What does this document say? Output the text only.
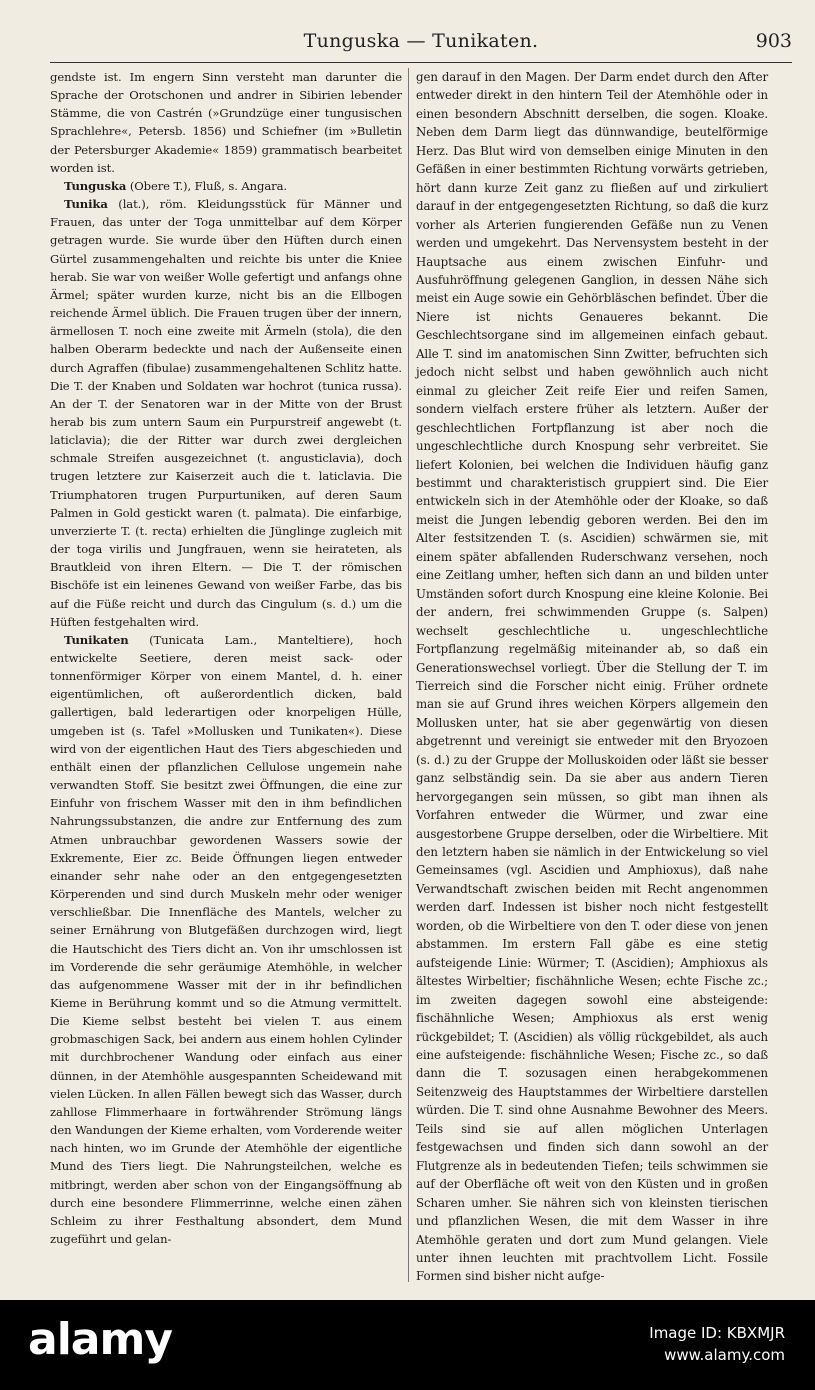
Tunguska — Tunikaten.	903

gendste ist. Im engern Sinn versteht man darunter die Sprache der Orotschonen und andrer in Sibirien lebender Stämme, die von Castrén (»Grundzüge einer tungusischen Sprachlehre«, Petersb. 1856) und Schiefner (im »Bulletin der Petersburger Akademie« 1859) grammatisch bearbeitet worden ist.

Tunguska (Obere T.), Fluß, s. Angara.

Tunika (lat.), röm. Kleidungsstück für Männer und Frauen, das unter der Toga unmittelbar auf dem Körper getragen wurde. Sie wurde über den Hüften durch einen Gürtel zusammengehalten und reichte bis unter die Kniee herab. Sie war von weißer Wolle gefertigt und anfangs ohne Ärmel; später wurden kurze, nicht bis an die Ellbogen reichende Ärmel üblich. Die Frauen trugen über der innern, ärmellosen T. noch eine zweite mit Ärmeln (stola), die den halben Oberarm bedeckte und nach der Außenseite einen durch Agraffen (fibulae) zusammengehaltenen Schlitz hatte. Die T. der Knaben und Soldaten war hochrot (tunica russa). An der T. der Senatoren war in der Mitte von der Brust herab bis zum untern Saum ein Purpurstreif angewebt (t. laticlavia); die der Ritter war durch zwei dergleichen schmale Streifen ausgezeichnet (t. angusticlavia), doch trugen letztere zur Kaiserzeit auch die t. laticlavia. Die Triumphatoren trugen Purpurtuniken, auf deren Saum Palmen in Gold gestickt waren (t. palmata). Die einfarbige, unverzierte T. (t. recta) erhielten die Jünglinge zugleich mit der toga virilis und Jungfrauen, wenn sie heirateten, als Brautkleid von ihren Eltern. — Die T. der römischen Bischöfe ist ein leinenes Gewand von weißer Farbe, das bis auf die Füße reicht und durch das Cingulum (s. d.) um die Hüften festgehalten wird.

Tunikaten (Tunicata Lam., Manteltiere), hoch entwickelte Seetiere, deren meist sack- oder tonnenförmiger Körper von einem Mantel, d. h. einer eigentümlichen, oft außerordentlich dicken, bald gallertigen, bald lederartigen oder knorpeligen Hülle, umgeben ist (s. Tafel »Mollusken und Tunikaten«). Diese wird von der eigentlichen Haut des Tiers abgeschieden und enthält einen der pflanzlichen Cellulose ungemein nahe verwandten Stoff. Sie besitzt zwei Öffnungen, die eine zur Einfuhr von frischem Wasser mit den in ihm befindlichen Nahrungssubstanzen, die andre zur Entfernung des zum Atmen unbrauchbar gewordenen Wassers sowie der Exkremente, Eier zc. Beide Öffnungen liegen entweder einander sehr nahe oder an den entgegengesetzten Körperenden und sind durch Muskeln mehr oder weniger verschließbar. Die Innenfläche des Mantels, welcher zu seiner Ernährung von Blutgefäßen durchzogen wird, liegt die Hautschicht des Tiers dicht an. Von ihr umschlossen ist im Vorderende die sehr geräumige Atemhöhle, in welcher das aufgenommene Wasser mit der in ihr befindlichen Kieme in Berührung kommt und so die Atmung vermittelt. Die Kieme selbst besteht bei vielen T. aus einem grobmaschigen Sack, bei andern aus einem hohlen Cylinder mit durchbrochener Wandung oder einfach aus einer dünnen, in der Atemhöhle ausgespannten Scheidewand mit vielen Lücken. In allen Fällen bewegt sich das Wasser, durch zahllose Flimmerhaare in fortwährender Strömung längs den Wandungen der Kieme erhalten, vom Vorderende weiter nach hinten, wo im Grunde der Atemhöhle der eigentliche Mund des Tiers liegt. Die Nahrungsteilchen, welche es mitbringt, werden aber schon von der Eingangsöffnung ab durch eine besondere Flimmerrinne, welche einen zähen Schleim zu ihrer Festhaltung absondert, dem Mund zugeführt und gelan-

gen darauf in den Magen. Der Darm endet durch den After entweder direkt in den hintern Teil der Atemhöhle oder in einen besondern Abschnitt derselben, die sogen. Kloake. Neben dem Darm liegt das dünnwandige, beutelförmige Herz. Das Blut wird von demselben einige Minuten in den Gefäßen in einer bestimmten Richtung vorwärts getrieben, hört dann kurze Zeit ganz zu fließen auf und zirkuliert darauf in der entgegengesetzten Richtung, so daß die kurz vorher als Arterien fungierenden Gefäße nun zu Venen werden und umgekehrt. Das Nervensystem besteht in der Hauptsache aus einem zwischen Einfuhr- und Ausfuhröffnung gelegenen Ganglion, in dessen Nähe sich meist ein Auge sowie ein Gehörbläschen befindet. Über die Niere ist nichts Genaueres bekannt. Die Geschlechtsorgane sind im allgemeinen einfach gebaut. Alle T. sind im anatomischen Sinn Zwitter, befruchten sich jedoch nicht selbst und haben gewöhnlich auch nicht einmal zu gleicher Zeit reife Eier und reifen Samen, sondern vielfach erstere früher als letztern. Außer der geschlechtlichen Fortpflanzung ist aber noch die ungeschlechtliche durch Knospung sehr verbreitet. Sie liefert Kolonien, bei welchen die Individuen häufig ganz bestimmt und charakteristisch gruppiert sind. Die Eier entwickeln sich in der Atemhöhle oder der Kloake, so daß meist die Jungen lebendig geboren werden. Bei den im Alter festsitzenden T. (s. Ascidien) schwärmen sie, mit einem später abfallenden Ruderschwanz versehen, noch eine Zeitlang umher, heften sich dann an und bilden unter Umständen sofort durch Knospung eine kleine Kolonie. Bei der andern, frei schwimmenden Gruppe (s. Salpen) wechselt geschlechtliche u. ungeschlechtliche Fortpflanzung regelmäßig miteinander ab, so daß ein Generationswechsel vorliegt. Über die Stellung der T. im Tierreich sind die Forscher nicht einig. Früher ordnete man sie auf Grund ihres weichen Körpers allgemein den Mollusken unter, hat sie aber gegenwärtig von diesen abgetrennt und vereinigt sie entweder mit den Bryozoen (s. d.) zu der Gruppe der Molluskoiden oder läßt sie besser ganz selbständig sein. Da sie aber aus andern Tieren hervorgegangen sein müssen, so gibt man ihnen als Vorfahren entweder die Würmer, und zwar eine ausgestorbene Gruppe derselben, oder die Wirbeltiere. Mit den letztern haben sie nämlich in der Entwickelung so viel Gemeinsames (vgl. Ascidien und Amphioxus), daß nahe Verwandtschaft zwischen beiden mit Recht angenommen werden darf. Indessen ist bisher noch nicht festgestellt worden, ob die Wirbeltiere von den T. oder diese von jenen abstammen. Im erstern Fall gäbe es eine stetig aufsteigende Linie: Würmer; T. (Ascidien); Amphioxus als ältestes Wirbeltier; fischähnliche Wesen; echte Fische zc.; im zweiten dagegen sowohl eine absteigende: fischähnliche Wesen; Amphioxus als erst wenig rückgebildet; T. (Ascidien) als völlig rückgebildet, als auch eine aufsteigende: fischähnliche Wesen; Fische zc., so daß dann die T. sozusagen einen herabgekommenen Seitenzweig des Hauptstammes der Wirbeltiere darstellen würden. Die T. sind ohne Ausnahme Bewohner des Meers. Teils sind sie auf allen möglichen Unterlagen festgewachsen und finden sich dann sowohl an der Flutgrenze als in bedeutenden Tiefen; teils schwimmen sie auf der Oberfläche oft weit von den Küsten und in großen Scharen umher. Sie nähren sich von kleinsten tierischen und pflanzlichen Wesen, die mit dem Wasser in ihre Atemhöhle geraten und dort zum Mund gelangen. Viele unter ihnen leuchten mit prachtvollem Licht. Fossile Formen sind bisher nicht aufge-

alamy	Image ID: KBXMJR
www.alamy.com
